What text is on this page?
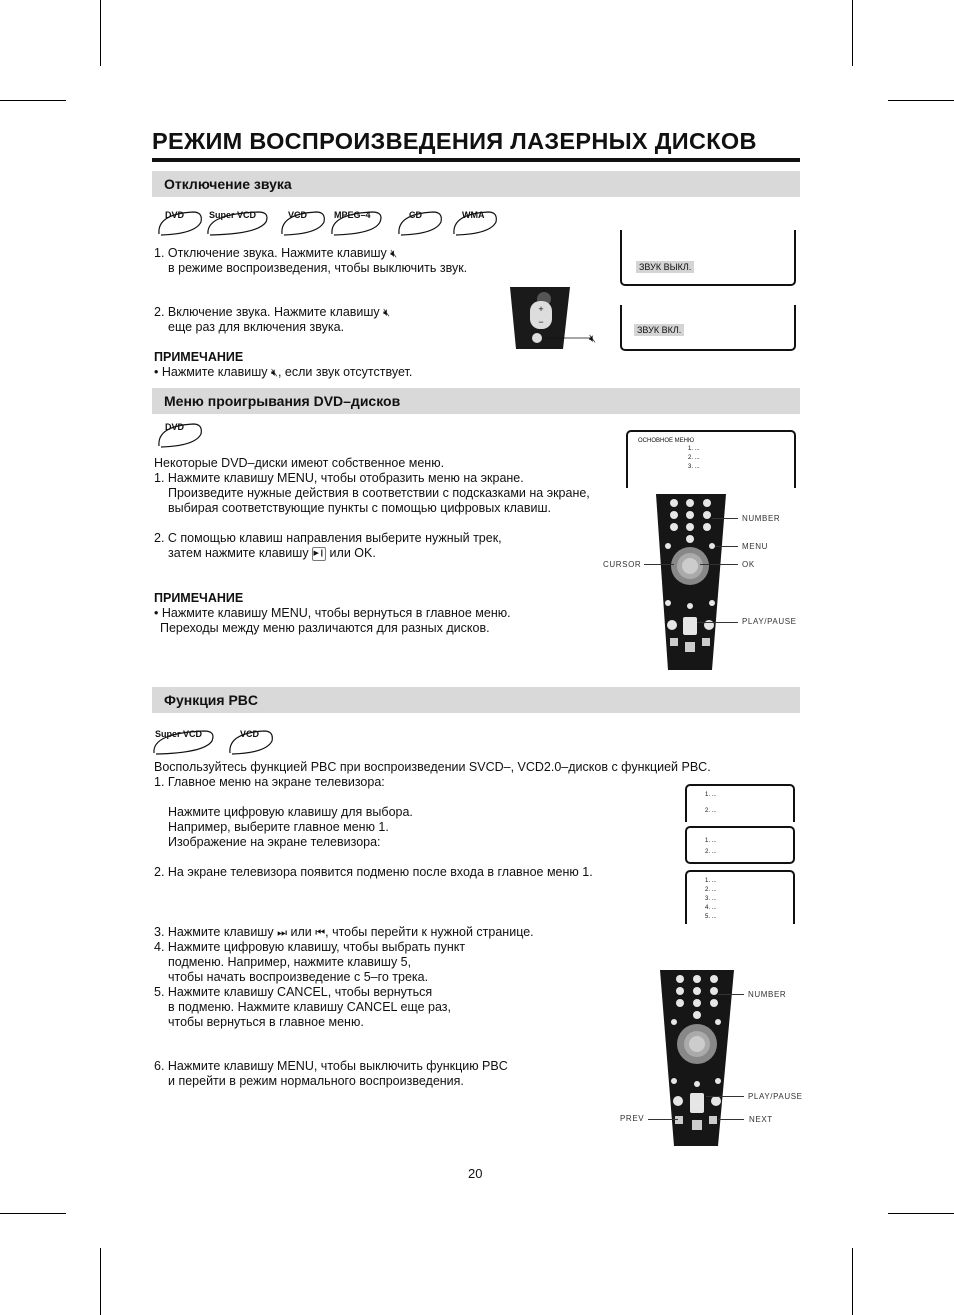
РЕЖИМ ВОСПРОИЗВЕДЕНИЯ ЛАЗЕРНЫХ ДИСКОВ
Отключение звука
DVD	Super VCD	VCD	MPEG–4	CD	WMA
1. Отключение звука. Нажмите клавишу 🔇︎
в режиме воспроизведения, чтобы выключить звук.
2. Включение звука. Нажмите клавишу 🔇︎
еще раз для включения звука.
ПРИМЕЧАНИЕ
• Нажмите клавишу 🔇︎, если звук отсутствует.
+
−
🔇︎
ЗВУК ВЫКЛ.
ЗВУК ВКЛ.
Меню проигрывания DVD–дисков
DVD
Некоторые DVD–диски имеют собственное меню.
1. Нажмите клавишу MENU, чтобы отобразить меню на экране.
Произведите нужные действия в соответствии с подсказками на экране,
выбирая соответствующие пункты с помощью цифровых клавиш.
2. С помощью клавиш направления выберите нужный трек,
затем нажмите клавишу ▶❙ или OK.
ПРИМЕЧАНИЕ
• Нажмите клавишу MENU, чтобы вернуться в главное меню.
Переходы между меню различаются для разных дисков.
ОСНОВНОЕ МЕНЮ
1. ...
2. ...
3. ...
NUMBER
MENU
OK
CURSOR
PLAY/PAUSE
Функция PBC
Super VCD	VCD
Воспользуйтесь функцией PBC при воспроизведении SVCD–, VCD2.0–дисков с функцией PBC.
1. Главное меню на экране телевизора:
Нажмите цифровую клавишу для выбора.
Например, выберите главное меню 1.
Изображение на экране телевизора:
2. На экране телевизора появится подменю после входа в главное меню 1.
3. Нажмите клавишу ⏭︎ или ⏮︎, чтобы перейти к нужной странице.
4. Нажмите цифровую клавишу, чтобы выбрать пункт
подменю. Например, нажмите клавишу 5,
чтобы начать воспроизведение с 5–го трека.
5. Нажмите клавишу CANCEL, чтобы вернуться
в подменю. Нажмите клавишу CANCEL еще раз,
чтобы вернуться в главное меню.
6. Нажмите клавишу MENU, чтобы выключить функцию PBC
и перейти в режим нормального воспроизведения.
1. ...
2. ...
1. ...
2. ...
1. ...
2. ...
3. ...
4. ...
5. ...
NUMBER
PLAY/PAUSE
NEXT
PREV
20
